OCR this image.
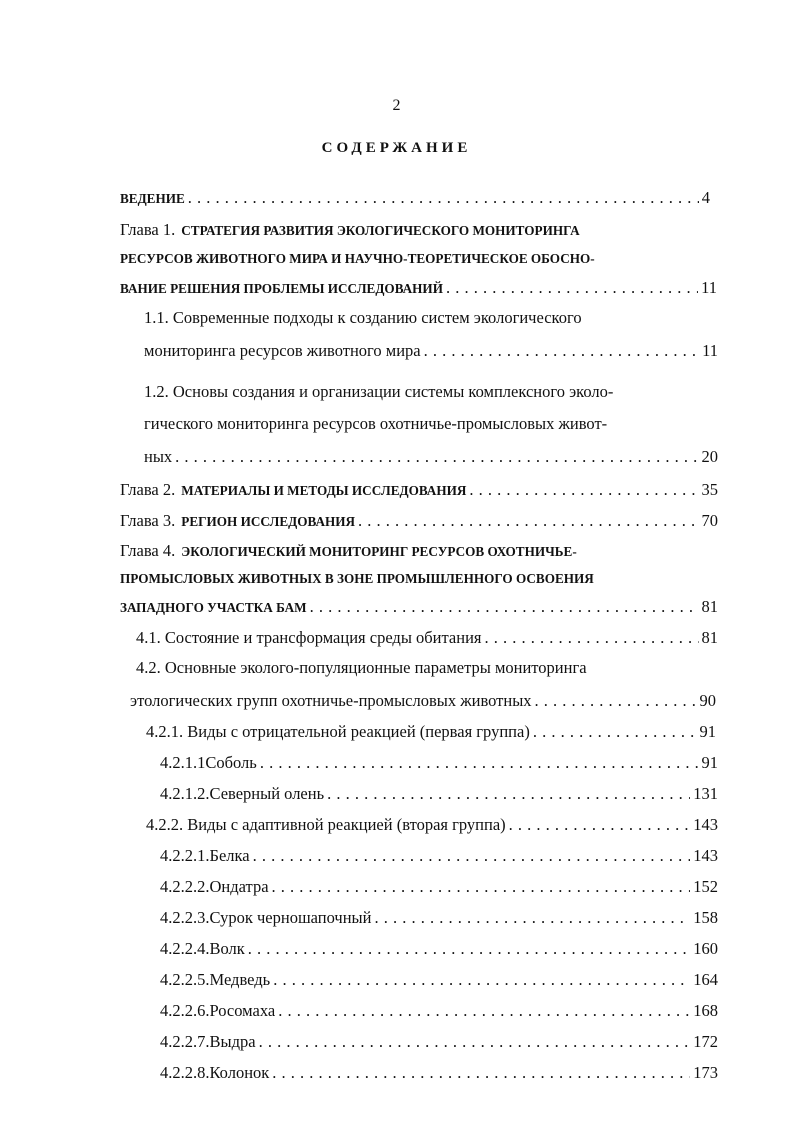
2
СОДЕРЖАНИЕ
ВЕДЕНИЕ . . .	4
Глава 1. СТРАТЕГИЯ РАЗВИТИЯ ЭКОЛОГИЧЕСКОГО МОНИТОРИНГА
РЕСУРСОВ ЖИВОТНОГО МИРА И НАУЧНО-ТЕОРЕТИЧЕСКОЕ ОБОСНО-
ВАНИЕ РЕШЕНИЯ ПРОБЛЕМЫ ИССЛЕДОВАНИЙ . . .	11
1.1. Современные подходы к созданию систем экологического
мониторинга ресурсов животного мира . . .	11
1.2. Основы создания и организации системы комплексного эколо-
гического мониторинга ресурсов охотничье-промысловых живот-
ных . . .	20
Глава 2. МАТЕРИАЛЫ И МЕТОДЫ ИССЛЕДОВАНИЯ . . .	35
Глава 3. РЕГИОН ИССЛЕДОВАНИЯ . . .	70
Глава 4. ЭКОЛОГИЧЕСКИЙ МОНИТОРИНГ РЕСУРСОВ ОХОТНИЧЬЕ-
ПРОМЫСЛОВЫХ ЖИВОТНЫХ В ЗОНЕ ПРОМЫШЛЕННОГО ОСВОЕНИЯ
ЗАПАДНОГО УЧАСТКА БАМ . . .	81
4.1. Состояние и трансформация среды обитания . . .	81
4.2. Основные эколого-популяционные параметры мониторинга
этологических групп охотничье-промысловых животных . . .	90
4.2.1. Виды с отрицательной реакцией (первая группа) . . .	91
4.2.1.1 Соболь . . .	91
4.2.1.2. Северный олень . . .	131
4.2.2. Виды с адаптивной реакцией (вторая группа) . . .	143
4.2.2.1. Белка . . .	143
4.2.2.2. Ондатра . . .	152
4.2.2.3. Сурок черношапочный . . .	158
4.2.2.4. Волк . . .	160
4.2.2.5. Медведь . . .	164
4.2.2.6. Росомаха . . .	168
4.2.2.7. Выдра . . .	172
4.2.2.8. Колонок . . .	173
